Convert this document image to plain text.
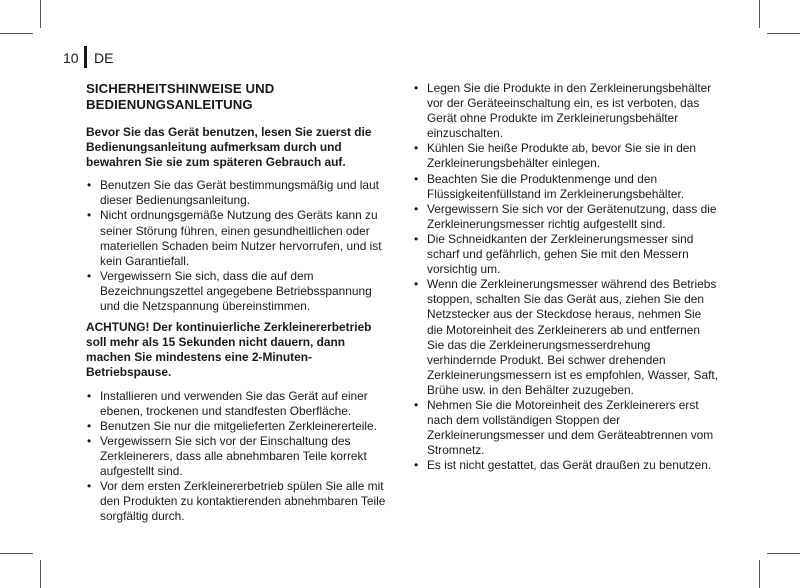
10 DE
SICHERHEITSHINWEISE UND BEDIENUNGSANLEITUNG
Bevor Sie das Gerät benutzen, lesen Sie zuerst die Bedienungsanleitung aufmerksam durch und bewahren Sie sie zum späteren Gebrauch auf.
• Benutzen Sie das Gerät bestimmungsmäßig und laut dieser Bedienungsanleitung.
• Nicht ordnungsgemäße Nutzung des Geräts kann zu seiner Störung führen, einen gesundheitlichen oder materiellen Schaden beim Nutzer hervorrufen, und ist kein Garantiefall.
• Vergewissern Sie sich, dass die auf dem Bezeichnungszettel angegebene Betriebsspannung und die Netzspannung übereinstimmen.
ACHTUNG! Der kontinuierliche Zerkleinererbetrieb soll mehr als 15 Sekunden nicht dauern, dann machen Sie mindestens eine 2-Minuten-Betriebspause.
• Installieren und verwenden Sie das Gerät auf einer ebenen, trockenen und standfesten Oberfläche.
• Benutzen Sie nur die mitgelieferten Zerkleinererteile.
• Vergewissern Sie sich vor der Einschaltung des Zerkleinerers, dass alle abnehmbaren Teile korrekt aufgestellt sind.
• Vor dem ersten Zerkleinererbetrieb spülen Sie alle mit den Produkten zu kontaktierenden abnehmbaren Teile sorgfältig durch.
• Legen Sie die Produkte in den Zerkleinerungsbehälter vor der Geräteeinschaltung ein, es ist verboten, das Gerät ohne Produkte im Zerkleinerungsbehälter einzuschalten.
• Kühlen Sie heiße Produkte ab, bevor Sie sie in den Zerkleinerungsbehälter einlegen.
• Beachten Sie die Produktenmenge und den Flüssigkeitenfüllstand im Zerkleinerungsbehälter.
• Vergewissern Sie sich vor der Gerätenutzung, dass die Zerkleinerungsmesser richtig aufgestellt sind.
• Die Schneidkanten der Zerkleinerungsmesser sind scharf und gefährlich, gehen Sie mit den Messern vorsichtig um.
• Wenn die Zerkleinerungsmesser während des Betriebs stoppen, schalten Sie das Gerät aus, ziehen Sie den Netzstecker aus der Steckdose heraus, nehmen Sie die Motoreinheit des Zerkleinerers ab und entfernen Sie das die Zerkleinerungsmesserdrehung verhindernde Produkt. Bei schwer drehenden Zerkleinerungsmessern ist es empfohlen, Wasser, Saft, Brühe usw. in den Behälter zuzugeben.
• Nehmen Sie die Motoreinheit des Zerkleinerers erst nach dem vollständigen Stoppen der Zerkleinerungsmesser und dem Geräteabtrennen vom Stromnetz.
• Es ist nicht gestattet, das Gerät draußen zu benutzen.
